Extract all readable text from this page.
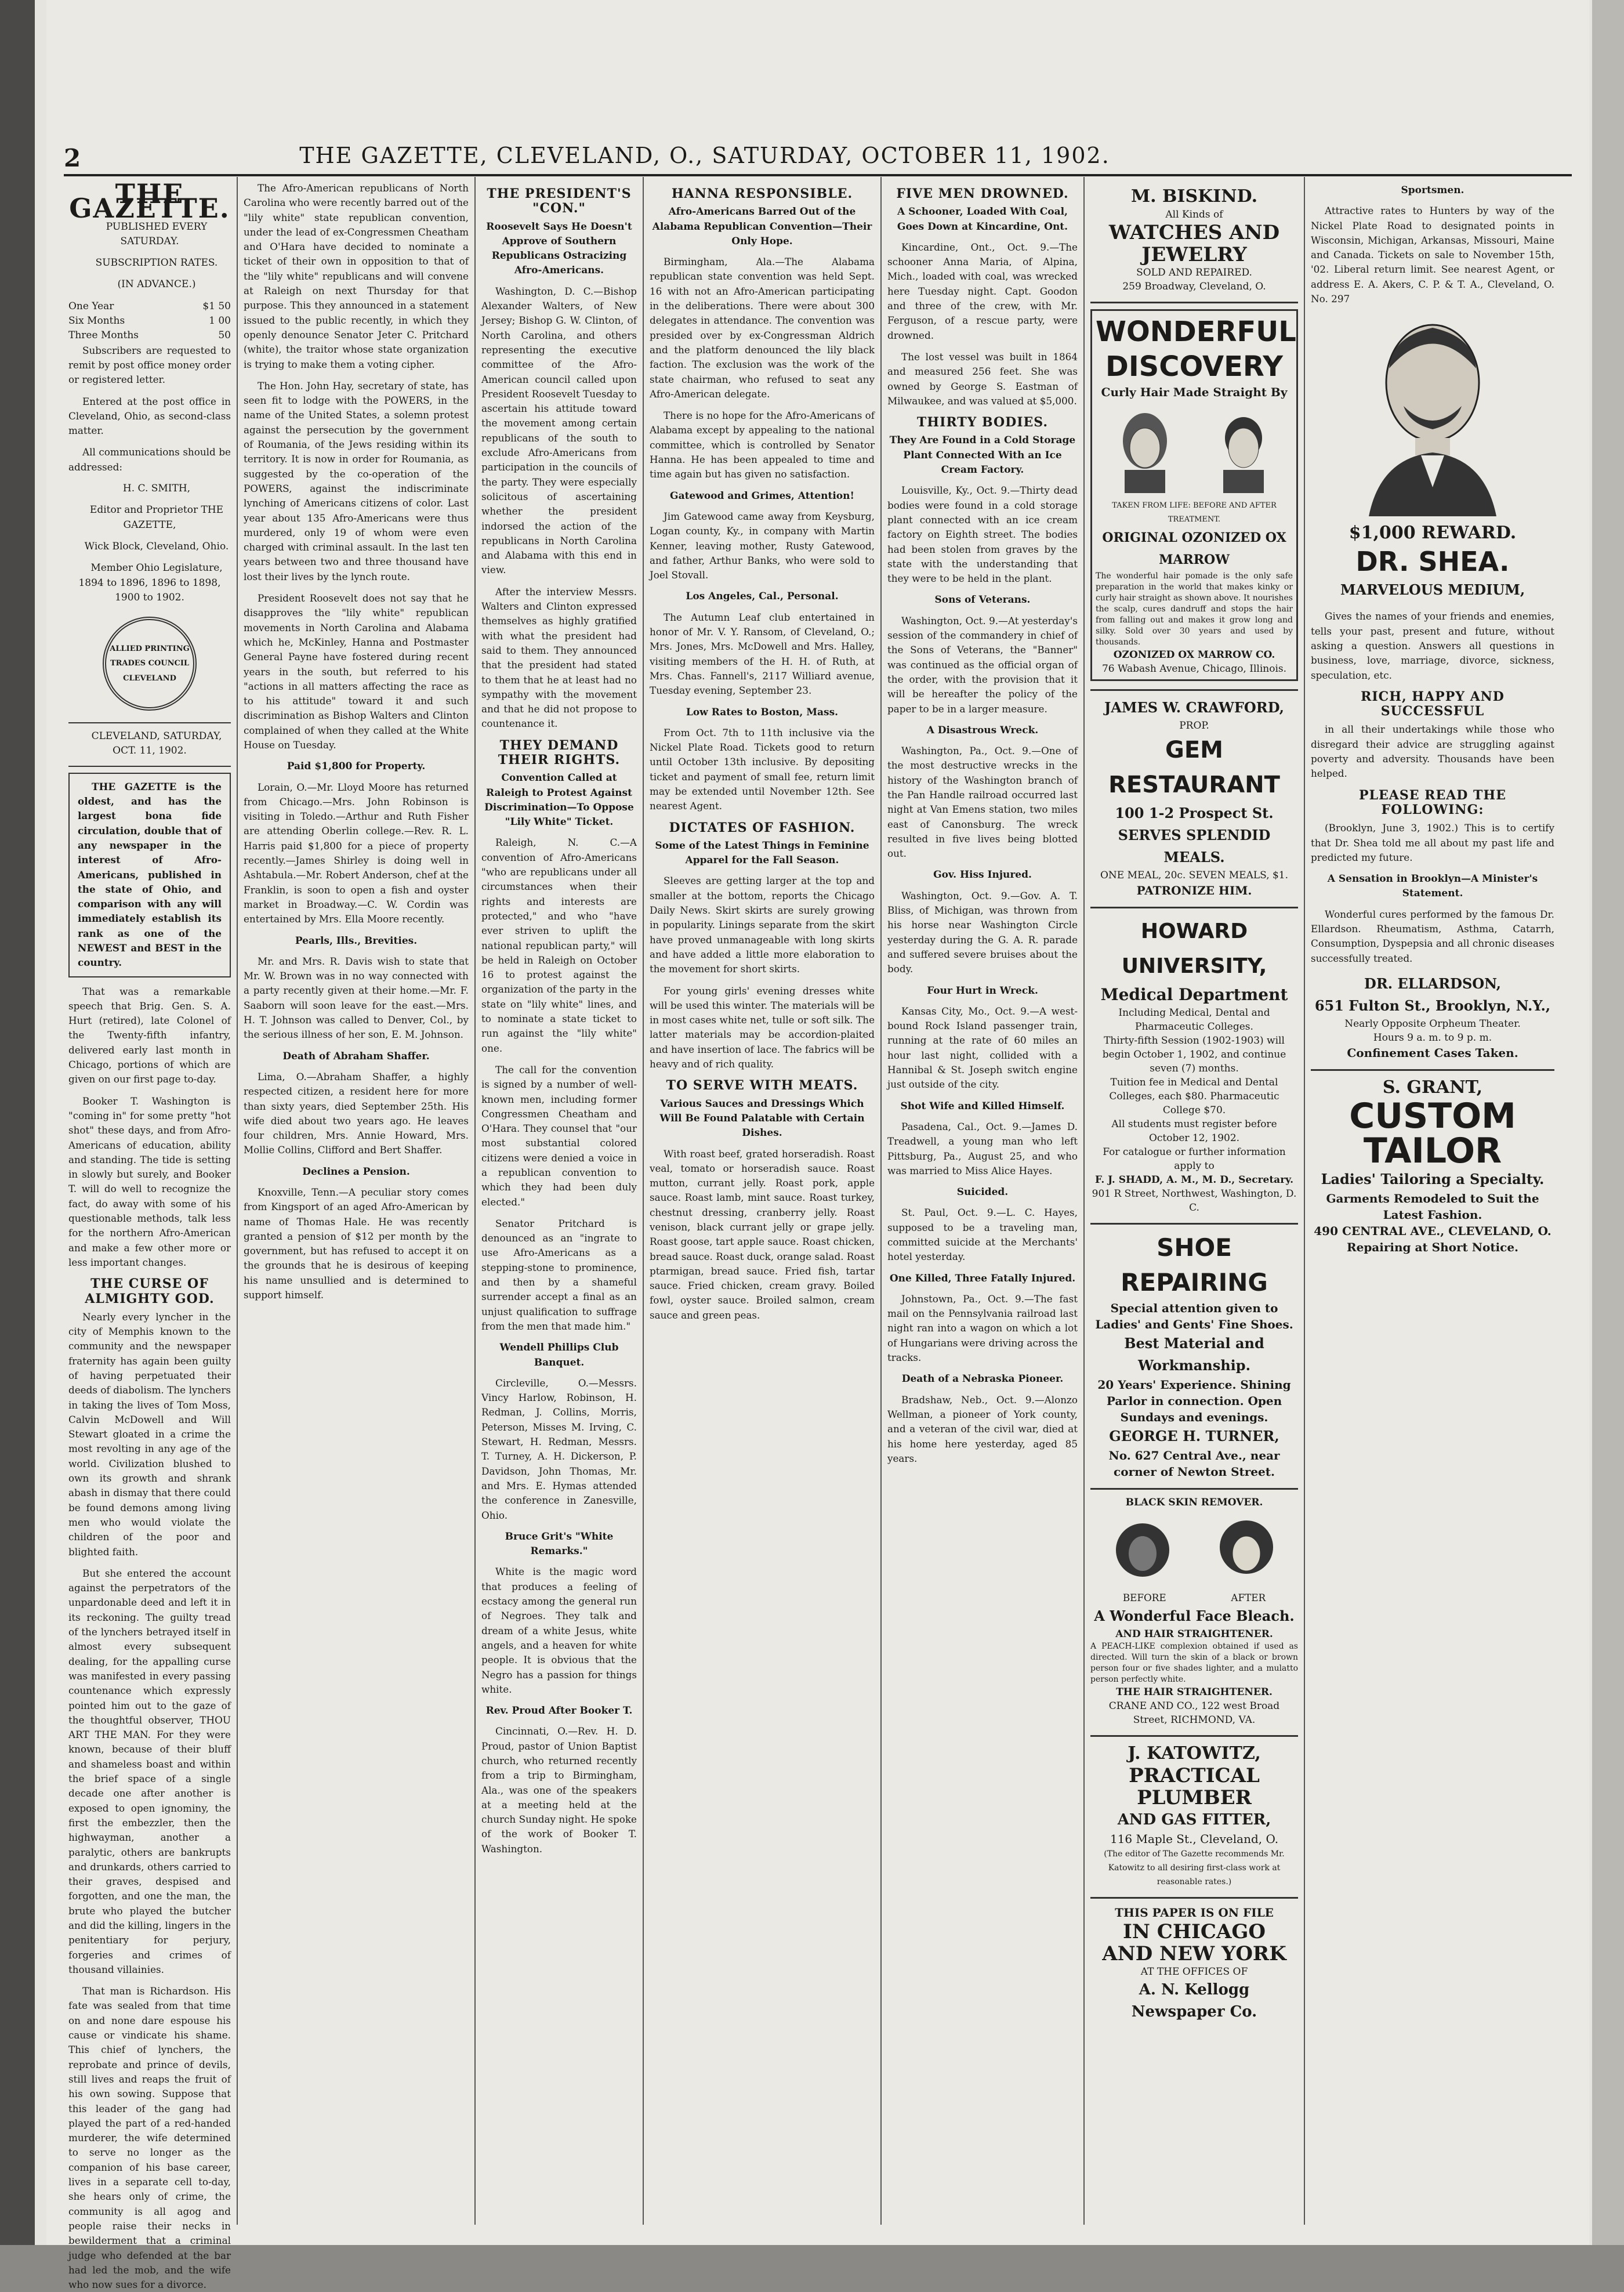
2	THE GAZETTE, CLEVELAND, O., SATURDAY, OCTOBER 11, 1902.
THE GAZETTE.

PUBLISHED EVERY SATURDAY.

SUBSCRIPTION RATES.

(IN ADVANCE.)

One Year	$1 50
Six Months	1 00
Three Months	50

Subscribers are requested to remit by post office money order or registered letter.

Entered at the post office in Cleveland, Ohio, as second-class matter.

All communications should be addressed:

H. C. SMITH,

Editor and Proprietor THE GAZETTE,

Wick Block, Cleveland, Ohio.

Member Ohio Legislature, 1894 to 1896, 1896 to 1898, 1900 to 1902.

ALLIED PRINTING TRADES COUNCIL CLEVELAND

CLEVELAND, SATURDAY, OCT. 11, 1902.

THE GAZETTE is the oldest, and has the largest bona fide circulation, double that of any newspaper in the interest of Afro-Americans, published in the state of Ohio, and comparison with any will immediately establish its rank as one of the NEWEST and BEST in the country.

That was a remarkable speech that Brig. Gen. S. A. Hurt (retired), late Colonel of the Twenty-fifth infantry, delivered early last month in Chicago, portions of which are given on our first page to-day.

Booker T. Washington is "coming in" for some pretty "hot shot" these days, and from Afro-Americans of education, ability and standing. The tide is setting in slowly but surely, and Booker T. will do well to recognize the fact, do away with some of his questionable methods, talk less for the northern Afro-American and make a few other more or less important changes.

THE CURSE OF ALMIGHTY GOD.

Nearly every lyncher in the city of Memphis known to the community and the newspaper fraternity has again been guilty of having perpetuated their deeds of diabolism. The lynchers in taking the lives of Tom Moss, Calvin McDowell and Will Stewart gloated in a crime the most revolting in any age of the world. Civilization blushed to own its growth and shrank abash in dismay that there could be found demons among living men who would violate the children of the poor and blighted faith.

But she entered the account against the perpetrators of the unpardonable deed and left it in its reckoning. The guilty tread of the lynchers betrayed itself in almost every subsequent dealing, for the appalling curse was manifested in every passing countenance which expressly pointed him out to the gaze of the thoughtful observer, THOU ART THE MAN. For they were known, because of their bluff and shameless boast and within the brief space of a single decade one after another is exposed to open ignominy, the first the embezzler, then the highwayman, another a paralytic, others are bankrupts and drunkards, others carried to their graves, despised and forgotten, and one the man, the brute who played the butcher and did the killing, lingers in the penitentiary for perjury, forgeries and crimes of thousand villainies.

That man is Richardson. His fate was sealed from that time on and none dare espouse his cause or vindicate his shame. This chief of lynchers, the reprobate and prince of devils, still lives and reaps the fruit of his own sowing. Suppose that this leader of the gang had played the part of a red-handed murderer, the wife determined to serve no longer as the companion of his base career, lives in a separate cell to-day, she hears only of crime, the community is all agog and people raise their necks in bewilderment that a criminal judge who defended at the bar had led the mob, and the wife who now sues for a divorce.

The Afro-American republicans of North Carolina who were recently barred out of the "lily white" state republican convention, under the lead of ex-Congressmen Cheatham and O'Hara have decided to nominate a ticket of their own in opposition to that of the "lily white" republicans and will convene at Raleigh on next Thursday for that purpose. This they announced in a statement issued to the public recently, in which they openly denounce Senator Jeter C. Pritchard (white), the traitor whose state organization is trying to make them a voting cipher.

The Hon. John Hay, secretary of state, has seen fit to lodge with the POWERS, in the name of the United States, a solemn protest against the persecution by the government of Roumania, of the Jews residing within its territory. It is now in order for Roumania, as suggested by the co-operation of the POWERS, against the indiscriminate lynching of Americans citizens of color. Last year about 135 Afro-Americans were thus murdered, only 19 of whom were even charged with criminal assault. In the last ten years between two and three thousand have lost their lives by the lynch route.

President Roosevelt does not say that he disapproves the "lily white" republican movements in North Carolina and Alabama which he, McKinley, Hanna and Postmaster General Payne have fostered during recent years in the south, but referred to his "actions in all matters affecting the race as to his attitude" toward it and such discrimination as Bishop Walters and Clinton complained of when they called at the White House on Tuesday.

Paid $1,800 for Property.

Lorain, O.—Mr. Lloyd Moore has returned from Chicago.—Mrs. John Robinson is visiting in Toledo.—Arthur and Ruth Fisher are attending Oberlin college.—Rev. R. L. Harris paid $1,800 for a piece of property recently.—James Shirley is doing well in Ashtabula.—Mr. Robert Anderson, chef at the Franklin, is soon to open a fish and oyster market in Broadway.—C. W. Cordin was entertained by Mrs. Ella Moore recently.

Pearls, Ills., Brevities.

Mr. and Mrs. R. Davis wish to state that Mr. W. Brown was in no way connected with a party recently given at their home.—Mr. F. Saaborn will soon leave for the east.—Mrs. H. T. Johnson was called to Denver, Col., by the serious illness of her son, E. M. Johnson.

Death of Abraham Shaffer.

Lima, O.—Abraham Shaffer, a highly respected citizen, a resident here for more than sixty years, died September 25th. His wife died about two years ago. He leaves four children, Mrs. Annie Howard, Mrs. Mollie Collins, Clifford and Bert Shaffer.

Declines a Pension.

Knoxville, Tenn.—A peculiar story comes from Kingsport of an aged Afro-American by name of Thomas Hale. He was recently granted a pension of $12 per month by the government, but has refused to accept it on the grounds that he is desirous of keeping his name unsullied and is determined to support himself.

THE PRESIDENT'S "CON."
Roosevelt Says He Doesn't Approve of Southern Republicans Ostracizing Afro-Americans.

Washington, D. C.—Bishop Alexander Walters, of New Jersey; Bishop G. W. Clinton, of North Carolina, and others representing the executive committee of the Afro-American council called upon President Roosevelt Tuesday to ascertain his attitude toward the movement among certain republicans of the south to exclude Afro-Americans from participation in the councils of the party. They were especially solicitous of ascertaining whether the president indorsed the action of the republicans in North Carolina and Alabama with this end in view.

After the interview Messrs. Walters and Clinton expressed themselves as highly gratified with what the president had said to them. They announced that the president had stated to them that he at least had no sympathy with the movement and that he did not propose to countenance it.

THEY DEMAND THEIR RIGHTS.
Convention Called at Raleigh to Protest Against Discrimination—To Oppose "Lily White" Ticket.

Raleigh, N. C.—A convention of Afro-Americans "who are republicans under all circumstances when their rights and interests are protected," and who "have ever striven to uplift the national republican party," will be held in Raleigh on October 16 to protest against the organization of the party in the state on "lily white" lines, and to nominate a state ticket to run against the "lily white" one.

The call for the convention is signed by a number of well-known men, including former Congressmen Cheatham and O'Hara. They counsel that "our most substantial colored citizens were denied a voice in a republican convention to which they had been duly elected."

Senator Pritchard is denounced as an "ingrate to use Afro-Americans as a stepping-stone to prominence, and then by a shameful surrender accept a final as an unjust qualification to suffrage from the men that made him."

Wendell Phillips Club Banquet.

Circleville, O.—Messrs. Vincy Harlow, Robinson, H. Redman, J. Collins, Morris, Peterson, Misses M. Irving, C. Stewart, H. Redman, Messrs. T. Turney, A. H. Dickerson, P. Davidson, John Thomas, Mr. and Mrs. E. Hymas attended the conference in Zanesville, Ohio.

Bruce Grit's "White Remarks."

White is the magic word that produces a feeling of ecstacy among the general run of Negroes. They talk and dream of a white Jesus, white angels, and a heaven for white people. It is obvious that the Negro has a passion for things white.

Rev. Proud After Booker T.

Cincinnati, O.—Rev. H. D. Proud, pastor of Union Baptist church, who returned recently from a trip to Birmingham, Ala., was one of the speakers at a meeting held at the church Sunday night. He spoke of the work of Booker T. Washington.

HANNA RESPONSIBLE.
Afro-Americans Barred Out of the Alabama Republican Convention—Their Only Hope.

Birmingham, Ala.—The Alabama republican state convention was held Sept. 16 with not an Afro-American participating in the deliberations. There were about 300 delegates in attendance. The convention was presided over by ex-Congressman Aldrich and the platform denounced the lily black faction. The exclusion was the work of the state chairman, who refused to seat any Afro-American delegate.

There is no hope for the Afro-Americans of Alabama except by appealing to the national committee, which is controlled by Senator Hanna. He has been appealed to time and time again but has given no satisfaction.

Gatewood and Grimes, Attention!

Jim Gatewood came away from Keysburg, Logan county, Ky., in company with Martin Kenner, leaving mother, Rusty Gatewood, and father, Arthur Banks, who were sold to Joel Stovall.

Los Angeles, Cal., Personal.

The Autumn Leaf club entertained in honor of Mr. V. Y. Ransom, of Cleveland, O.; Mrs. Jones, Mrs. McDowell and Mrs. Halley, visiting members of the H. H. of Ruth, at Mrs. Chas. Fannell's, 2117 Williard avenue, Tuesday evening, September 23.

Low Rates to Boston, Mass.

From Oct. 7th to 11th inclusive via the Nickel Plate Road. Tickets good to return until October 13th inclusive. By depositing ticket and payment of small fee, return limit may be extended until November 12th. See nearest Agent.

DICTATES OF FASHION.
Some of the Latest Things in Feminine Apparel for the Fall Season.

Sleeves are getting larger at the top and smaller at the bottom, reports the Chicago Daily News. Skirt skirts are surely growing in popularity. Linings separate from the skirt have proved unmanageable with long skirts and have added a little more elaboration to the movement for short skirts.

For young girls' evening dresses white will be used this winter. The materials will be in most cases white net, tulle or soft silk. The latter materials may be accordion-plaited and have insertion of lace. The fabrics will be heavy and of rich quality.

TO SERVE WITH MEATS.
Various Sauces and Dressings Which Will Be Found Palatable with Certain Dishes.

With roast beef, grated horseradish. Roast veal, tomato or horseradish sauce. Roast mutton, currant jelly. Roast pork, apple sauce. Roast lamb, mint sauce. Roast turkey, chestnut dressing, cranberry jelly. Roast venison, black currant jelly or grape jelly. Roast goose, tart apple sauce. Roast chicken, bread sauce. Roast duck, orange salad. Roast ptarmigan, bread sauce. Fried fish, tartar sauce. Fried chicken, cream gravy. Boiled fowl, oyster sauce. Broiled salmon, cream sauce and green peas.

FIVE MEN DROWNED.
A Schooner, Loaded With Coal, Goes Down at Kincardine, Ont.

Kincardine, Ont., Oct. 9.—The schooner Anna Maria, of Alpina, Mich., loaded with coal, was wrecked here Tuesday night. Capt. Goodon and three of the crew, with Mr. Ferguson, of a rescue party, were drowned.

The lost vessel was built in 1864 and measured 256 feet. She was owned by George S. Eastman of Milwaukee, and was valued at $5,000.

THIRTY BODIES.
They Are Found in a Cold Storage Plant Connected With an Ice Cream Factory.

Louisville, Ky., Oct. 9.—Thirty dead bodies were found in a cold storage plant connected with an ice cream factory on Eighth street. The bodies had been stolen from graves by the state with the understanding that they were to be held in the plant.

Sons of Veterans.

Washington, Oct. 9.—At yesterday's session of the commandery in chief of the Sons of Veterans, the "Banner" was continued as the official organ of the order, with the provision that it will be hereafter the policy of the paper to be in a larger measure.

A Disastrous Wreck.

Washington, Pa., Oct. 9.—One of the most destructive wrecks in the history of the Washington branch of the Pan Handle railroad occurred last night at Van Emens station, two miles east of Canonsburg. The wreck resulted in five lives being blotted out.

Gov. Hiss Injured.

Washington, Oct. 9.—Gov. A. T. Bliss, of Michigan, was thrown from his horse near Washington Circle yesterday during the G. A. R. parade and suffered severe bruises about the body.

Four Hurt in Wreck.

Kansas City, Mo., Oct. 9.—A west-bound Rock Island passenger train, running at the rate of 60 miles an hour last night, collided with a Hannibal & St. Joseph switch engine just outside of the city.

Shot Wife and Killed Himself.

Pasadena, Cal., Oct. 9.—James D. Treadwell, a young man who left Pittsburg, Pa., August 25, and who was married to Miss Alice Hayes.

Suicided.

St. Paul, Oct. 9.—L. C. Hayes, supposed to be a traveling man, committed suicide at the Merchants' hotel yesterday.

One Killed, Three Fatally Injured.

Johnstown, Pa., Oct. 9.—The fast mail on the Pennsylvania railroad last night ran into a wagon on which a lot of Hungarians were driving across the tracks.

Death of a Nebraska Pioneer.

Bradshaw, Neb., Oct. 9.—Alonzo Wellman, a pioneer of York county, and a veteran of the civil war, died at his home here yesterday, aged 85 years.

M. BISKIND.
All Kinds of
WATCHES AND JEWELRY
SOLD AND REPAIRED.
259 Broadway, Cleveland, O.
WONDERFUL
DISCOVERY
Curly Hair Made Straight By
TAKEN FROM LIFE: BEFORE AND AFTER TREATMENT.
ORIGINAL OZONIZED OX MARROW
The wonderful hair pomade is the only safe preparation in the world that makes kinky or curly hair straight as shown above. It nourishes the scalp, cures dandruff and stops the hair from falling out and makes it grow long and silky. Sold over 30 years and used by thousands.
OZONIZED OX MARROW CO.
76 Wabash Avenue, Chicago, Illinois.
JAMES W. CRAWFORD,
PROP.
GEM RESTAURANT
100 1-2 Prospect St.
SERVES SPLENDID MEALS.
ONE MEAL, 20c. SEVEN MEALS, $1.
PATRONIZE HIM.
HOWARD UNIVERSITY,
Medical Department
Including Medical, Dental and Pharmaceutic Colleges.
Thirty-fifth Session (1902-1903) will begin October 1, 1902, and continue seven (7) months.
Tuition fee in Medical and Dental Colleges, each $80. Pharmaceutic College $70.
All students must register before October 12, 1902.
For catalogue or further information apply to
F. J. SHADD, A. M., M. D., Secretary.
901 R Street, Northwest, Washington, D. C.
SHOE REPAIRING
Special attention given to Ladies' and Gents' Fine Shoes.
Best Material and Workmanship.
20 Years' Experience. Shining Parlor in connection. Open Sundays and evenings.
GEORGE H. TURNER,
No. 627 Central Ave., near corner of Newton Street.
BLACK SKIN REMOVER.
BEFORE	AFTER
A Wonderful Face Bleach.
AND HAIR STRAIGHTENER.
A PEACH-LIKE complexion obtained if used as directed. Will turn the skin of a black or brown person four or five shades lighter, and a mulatto person perfectly white.
THE HAIR STRAIGHTENER.
CRANE AND CO., 122 west Broad Street, RICHMOND, VA.
J. KATOWITZ,
PRACTICAL PLUMBER
AND GAS FITTER,
116 Maple St., Cleveland, O.
(The editor of The Gazette recommends Mr. Katowitz to all desiring first-class work at reasonable rates.)
THIS PAPER IS ON FILE
IN CHICAGO
AND NEW YORK
AT THE OFFICES OF
A. N. Kellogg Newspaper Co.
Sportsmen.

Attractive rates to Hunters by way of the Nickel Plate Road to designated points in Wisconsin, Michigan, Arkansas, Missouri, Maine and Canada. Tickets on sale to November 15th, '02. Liberal return limit. See nearest Agent, or address E. A. Akers, C. P. & T. A., Cleveland, O. No. 297

$1,000 REWARD.
DR. SHEA.
MARVELOUS MEDIUM,

Gives the names of your friends and enemies, tells your past, present and future, without asking a question. Answers all questions in business, love, marriage, divorce, sickness, speculation, etc.

RICH, HAPPY AND SUCCESSFUL

in all their undertakings while those who disregard their advice are struggling against poverty and adversity. Thousands have been helped.

PLEASE READ THE FOLLOWING:

(Brooklyn, June 3, 1902.) This is to certify that Dr. Shea told me all about my past life and predicted my future.

A Sensation in Brooklyn—A Minister's Statement.

Wonderful cures performed by the famous Dr. Ellardson. Rheumatism, Asthma, Catarrh, Consumption, Dyspepsia and all chronic diseases successfully treated.

DR. ELLARDSON,
651 Fulton St., Brooklyn, N.Y.,
Nearly Opposite Orpheum Theater.
Hours 9 a. m. to 9 p. m.
Confinement Cases Taken.
S. GRANT,
CUSTOM
TAILOR
Ladies' Tailoring a Specialty.
Garments Remodeled to Suit the Latest Fashion.
490 CENTRAL AVE., CLEVELAND, O.
Repairing at Short Notice.
